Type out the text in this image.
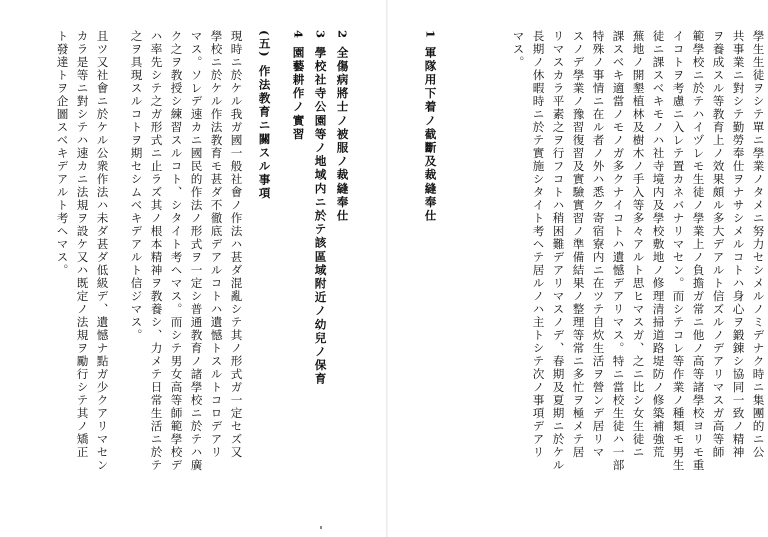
學生生徒ヲシテ單ニ學業ノタメニ努力セシメルノミデナク時ニ集團的ニ公
共事業ニ對シテ勤勞奉仕ヲナサシメルコトハ身心ヲ鍛錬シ協同一致ノ精神
ヲ養成スル等教育上ノ效果頗ル多大デアルト信ズルノデアリマスガ高等師
範學校ニ於テハイヅレモ生徒ノ學業上ノ負擔ガ常ニ他ノ高等諸學校ヨリモ重
イコトヲ考慮ニ入レテ置カネバナリマセン。而シテコレ等作業ノ種類モ男生
徒ニ課スベキモノハ社寺境内及學校敷地ノ修理清掃道路堤防ノ修築補強荒
蕪地ノ開墾植林及樹木ノ手入等多々アルト思ヒマスガ、之ニ比シ女生徒ニ
課スベキ適當ノモノガ多クナイコトハ遺憾デアリマス。特ニ當校生徒ハ一部
特殊ノ事情ニ在ル者ノ外ハ悉ク寄宿寮内ニ在ツテ自炊生活ヲ營ンデ居リマ
スノデ學業ノ豫習復習及實驗實習ノ準備結果ノ整理等常ニ多忙ヲ極メテ居
リマスカラ平素之ヲ行フコトハ稍困難デアリマスノデ、春期及夏期ニ於ケル
長期ノ休暇時ニ於テ實施シタイト考ヘテ居ルノハ主トシテ次ノ事項デアリ
マス。
1 軍隊用下着ノ截斷及裁縫奉仕
2 全傷病將士ノ被服ノ裁縫奉仕
3 學校社寺公園等ノ地域内ニ於テ該區域附近ノ幼兒ノ保育
4 園藝耕作ノ實習
(五) 作法教育ニ關スル事項
現時ニ於ケル我ガ國一般社會ノ作法ハ甚ダ混亂シテ其ノ形式ガ一定セズ又
學校ニ於ケル作法教育モ甚ダ不徹底デアルコトハ遺憾トスルトコロデアリ
マス。ソレデ速カニ國民的作法ノ形式ヲ一定シ普通教育ノ諸學校ニ於テハ廣
ク之ヲ教授シ練習スルコト、シタイト考ヘマス。而シテ男女高等師範學校デ
ハ率先シテ之ガ形式ニ止ラズ其ノ根本精神ヲ教養シ、力メテ日常生活ニ於テ
之ヲ具現スルコトヲ期セシムベキデアルト信ジマス。
且ツ又社會ニ於ケル公衆作法ハ未ダ甚ダ低級デ、遺憾ナ點ガ少クアリマセン
カラ是等ニ對シテハ速カニ法規ヲ設ケ又ハ既定ノ法規ヲ勵行シテ其ノ矯正
ト發達トヲ企圖スベキデアルト考ヘマス。
